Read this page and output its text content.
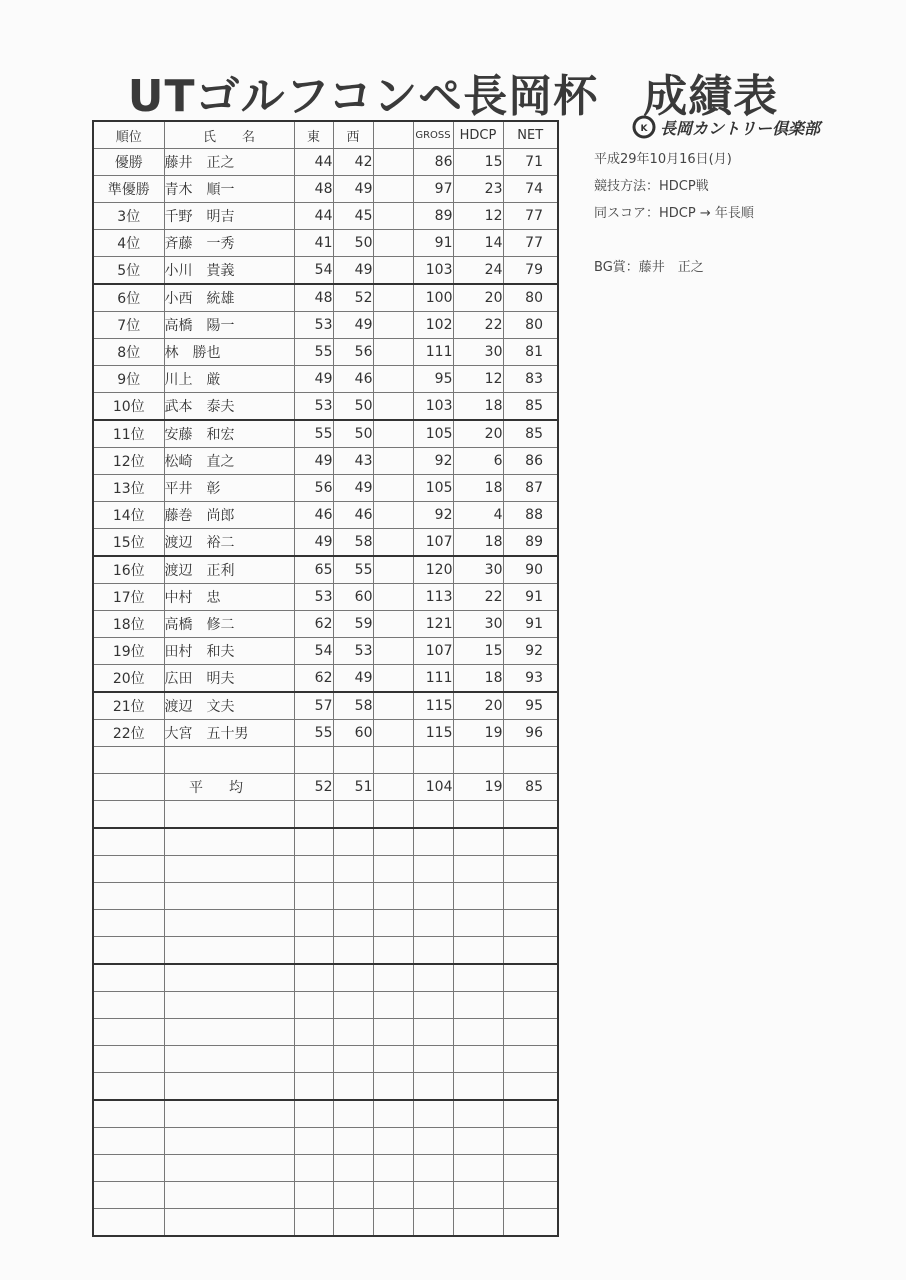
UTゴルフコンペ長岡杯　成績表
K 長岡カントリー倶楽部
平成29年10月16日(月)
競技方法：HDCP戦
同スコア：HDCP → 年長順
BG賞：藤井　正之
順位	氏　　名	東	西		GROSS	HDCP	NET
優勝	藤井　正之	44	42		86	15	71
準優勝	青木　順一	48	49		97	23	74
3位	千野　明吉	44	45		89	12	77
4位	斉藤　一秀	41	50		91	14	77
5位	小川　貴義	54	49		103	24	79
6位	小西　統雄	48	52		100	20	80
7位	高橋　陽一	53	49		102	22	80
8位	林　勝也	55	56		111	30	81
9位	川上　厳	49	46		95	12	83
10位	武本　泰夫	53	50		103	18	85
11位	安藤　和宏	55	50		105	20	85
12位	松崎　直之	49	43		92	6	86
13位	平井　彰	56	49		105	18	87
14位	藤巻　尚郎	46	46		92	4	88
15位	渡辺　裕二	49	58		107	18	89
16位	渡辺　正利	65	55		120	30	90
17位	中村　忠	53	60		113	22	91
18位	高橋　修二	62	59		121	30	91
19位	田村　和夫	54	53		107	15	92
20位	広田　明夫	62	49		111	18	93
21位	渡辺　文夫	57	58		115	20	95
22位	大宮　五十男	55	60		115	19	96

	平均	52	51		104	19	85
